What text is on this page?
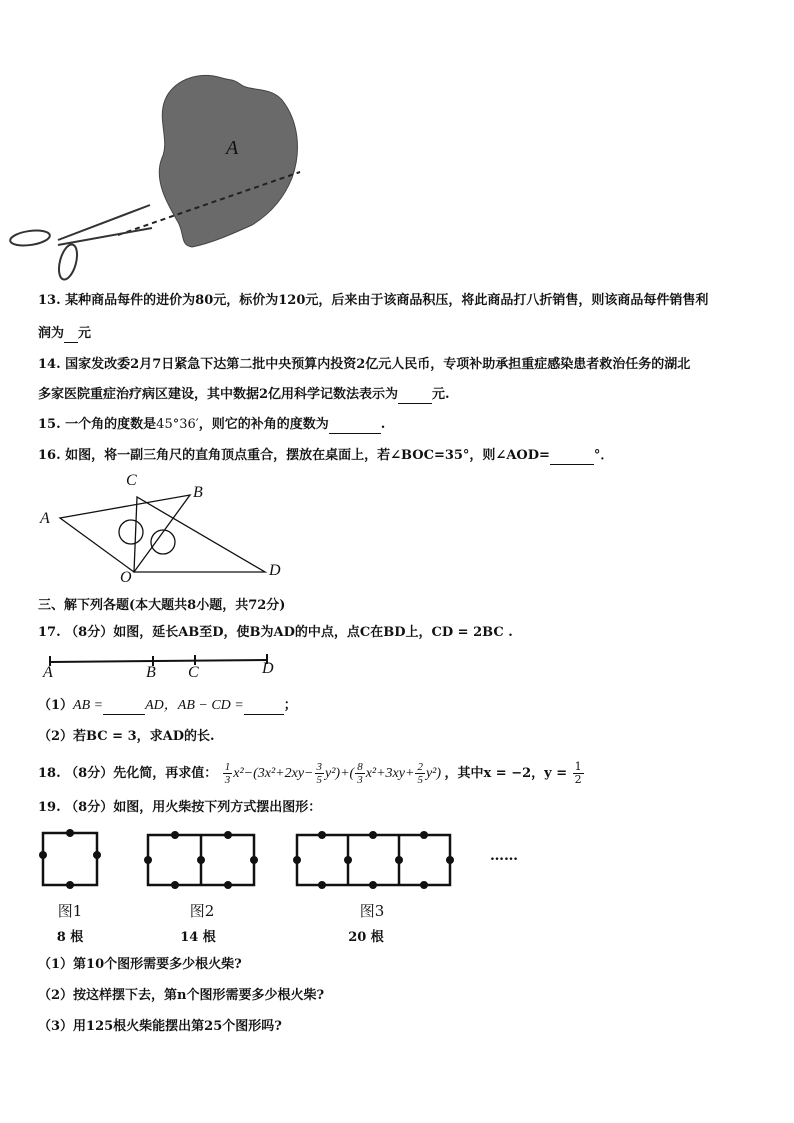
A
13. 某种商品每件的进价为80元，标价为120元，后来由于该商品积压，将此商品打八折销售，则该商品每件销售利
润为 元
14. 国家发改委2月7日紧急下达第二批中央预算内投资2亿元人民币，专项补助承担重症感染患者救治任务的湖北
多家医院重症治疗病区建设，其中数据2亿用科学记数法表示为	元.
15. 一个角的度数是45°36′，则它的补角的度数为	.
16. 如图，将一副三角尺的直角顶点重合，摆放在桌面上，若∠BOC=35°，则∠AOD=	°．
A
B
C
D
O
三、解下列各题(本大题共8小题，共72分)
17. （8分）如图，延长AB至D，使B为AD的中点，点C在BD上，CD = 2BC .
A	B C	D
（1）AB =	AD，AB − CD =	；
（2）若BC = 3，求AD的长.
18. （8分）先化简，再求值： $\frac{1}{3} x^2-(3x^2+2xy- \frac{3}{5} y^2)+( \frac{8}{3} x^2+3xy+ \frac{2}{5} y^2)$ ，其中x = −2，$y = \frac{1}{2}$
19. （8分）如图，用火柴按下列方式摆出图形：
……
图1	图2	图3
8 根	14 根	20 根
（1）第10个图形需要多少根火柴?
（2）按这样摆下去，第n个图形需要多少根火柴?
（3）用125根火柴能摆出第25个图形吗?
